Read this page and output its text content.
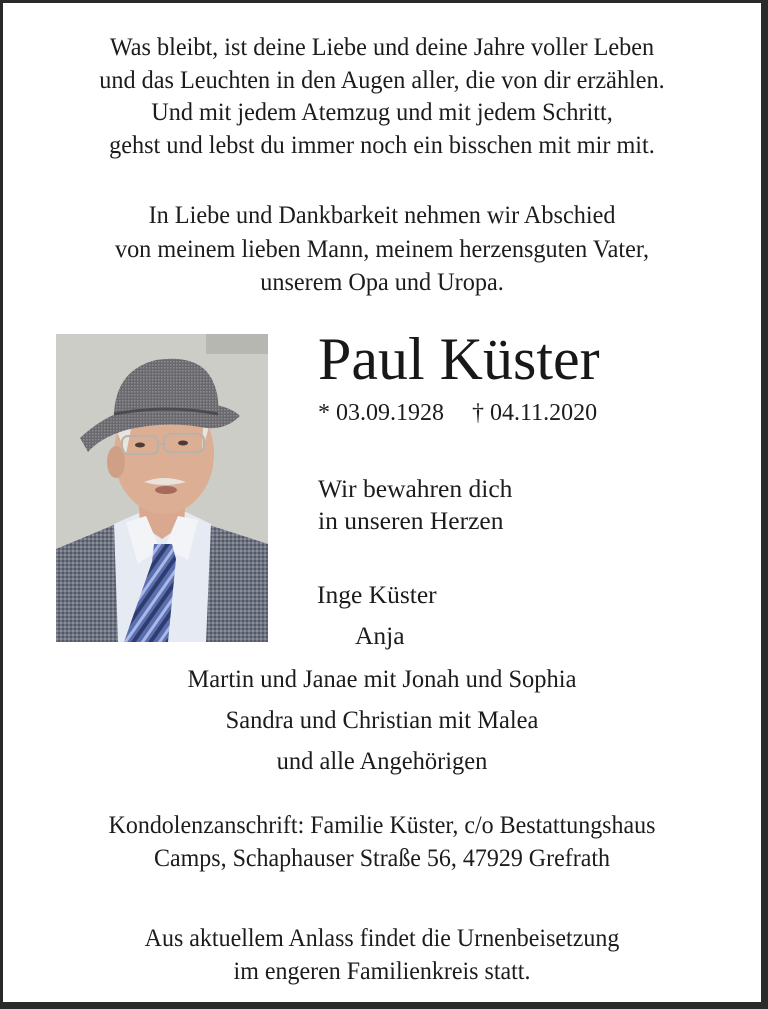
Was bleibt, ist deine Liebe und deine Jahre voller Leben
und das Leuchten in den Augen aller, die von dir erzählen.
Und mit jedem Atemzug und mit jedem Schritt,
gehst und lebst du immer noch ein bisschen mit mir mit.
In Liebe und Dankbarkeit nehmen wir Abschied
von meinem lieben Mann, meinem herzensguten Vater,
unserem Opa und Uropa.
Paul Küster
* 03.09.1928 † 04.11.2020
Wir bewahren dich
in unseren Herzen
Inge Küster
Anja
Martin und Janae mit Jonah und Sophia
Sandra und Christian mit Malea
und alle Angehörigen
Kondolenzanschrift: Familie Küster, c/o Bestattungshaus
Camps, Schaphauser Straße 56, 47929 Grefrath
Aus aktuellem Anlass findet die Urnenbeisetzung
im engeren Familienkreis statt.
